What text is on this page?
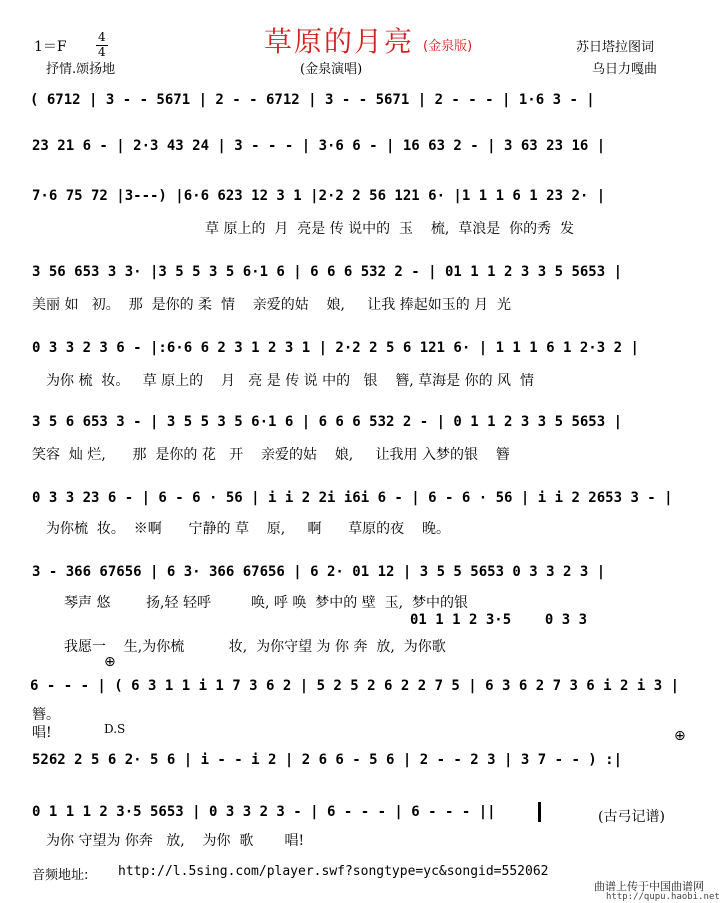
1＝F
4
4	草原的月亮 (金泉版)	苏日塔拉图词
抒情.颂扬地	(金泉演唱)	乌日力嘎曲
( 6712 | 3 - - 5671 | 2 - - 6712 | 3 - - 5671 | 2 - - - | 1·6 3 - |
23 21 6 - | 2·3 43 24 | 3 - - - | 3·6 6 - | 16 63 2 - | 3 63 23 16 |
7·6 75 72 |3---) |6·6 623 12 3 1 |2·2 2 56 121 6· |1 1 1 6 1 23 2· |
草 原上的  月  亮是 传 说中的  玉    梳,  草浪是  你的秀  发
3 56 653 3 3· |3 5 5 3 5 6·1 6 | 6 6 6 532 2 - | 01 1 1 2 3 3 5 5653 |
美丽 如   初。  那  是你的 柔  情    亲爱的姑    娘,     让我 捧起如玉的 月  光
0 3 3 2 3 6 - |:6·6 6 2 3 1 2 3 1 | 2·2 2 5 6 121 6· | 1 1 1 6 1 2·3 2 |
为你 梳  妆。   草 原上的    月   亮 是 传 说 中的   银    簪, 草海是 你的 风  情
3 5 6 653 3 - | 3 5 5 3 5 6·1 6 | 6 6 6 532 2 - | 0 1 1 2 3 3 5 5653 |
笑容  灿 烂,      那  是你的 花   开    亲爱的姑    娘,     让我用 入梦的银    簪
0 3 3 23 6 - | 6 - 6 · 56 | i i 2 2i i6i 6 - | 6 - 6 · 56 | i i 2 2653 3 - |
为你梳  妆。  ※啊      宁静的 草    原,     啊      草原的夜    晚。
3 - 366 67656 | 6 3· 366 67656 | 6 2· 01 12 | 3 5 5 5653 0 3 3 2 3 |
琴声 悠        扬,轻 轻呼         唤, 呼 唤  梦中的 壁  玉,  梦中的银
01 1 1 2 3·5    0 3 3
我愿一    生,为你梳          妆,  为你守望 为 你 奔  放,  为你歌
⊕
6 - - - | ( 6 3 1 1 i 1 7 3 6 2 | 5 2 5 2 6 2 2 7 5 | 6 3 6 2 7 3 6 i 2 i 3 |
簪。
唱!	D.S	⊕
5262 2 5 6 2· 5 6 | i - - i 2 | 2 6 6 - 5 6 | 2 - - 2 3 | 3 7 - - ) :|
0 1 1 1 2 3·5 5653 | 0 3 3 2 3 - | 6 - - - | 6 - - - ||
为你 守望为 你奔   放,    为你  歌       唱!
(古弓记谱)
音频地址: http://l.5sing.com/player.swf?songtype=yc&songid=552062
曲谱上传于中国曲谱网
http://qupu.haobi.net
